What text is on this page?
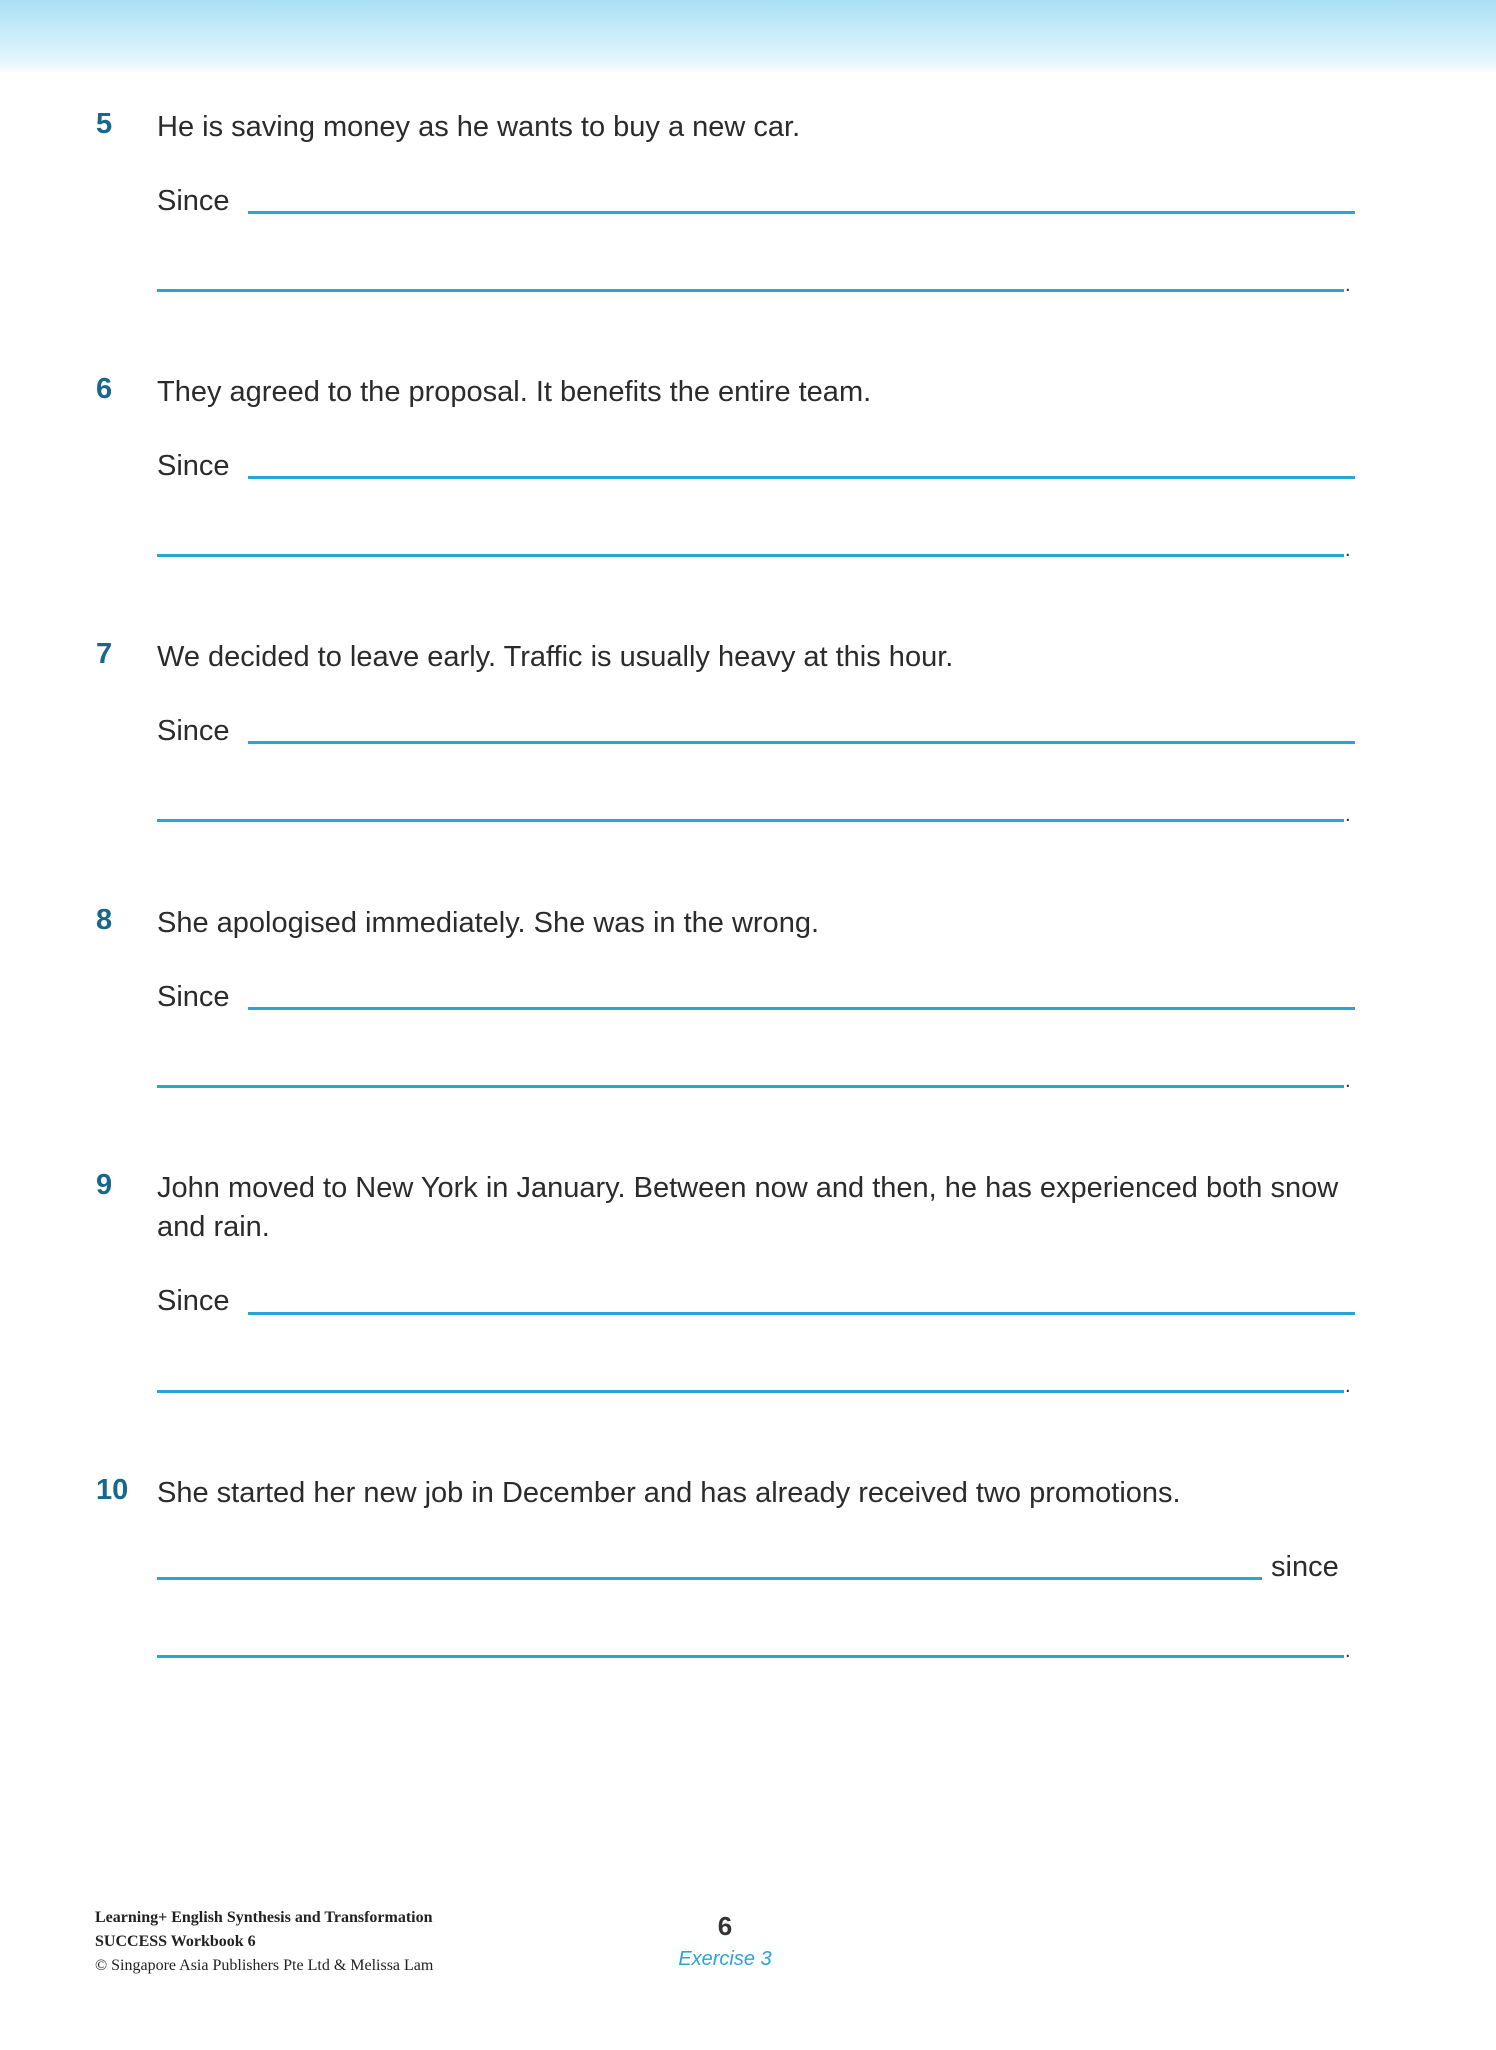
5 He is saving money as he wants to buy a new car.
Since
.
6 They agreed to the proposal. It benefits the entire team.
Since
.
7 We decided to leave early. Traffic is usually heavy at this hour.
Since
.
8 She apologised immediately. She was in the wrong.
Since
.
9 John moved to New York in January. Between now and then, he has experienced both snow and rain.
Since
.
10 She started her new job in December and has already received two promotions.
since
.
Learning+ English Synthesis and Transformation
SUCCESS Workbook 6
© Singapore Asia Publishers Pte Ltd & Melissa Lam
6
Exercise 3
